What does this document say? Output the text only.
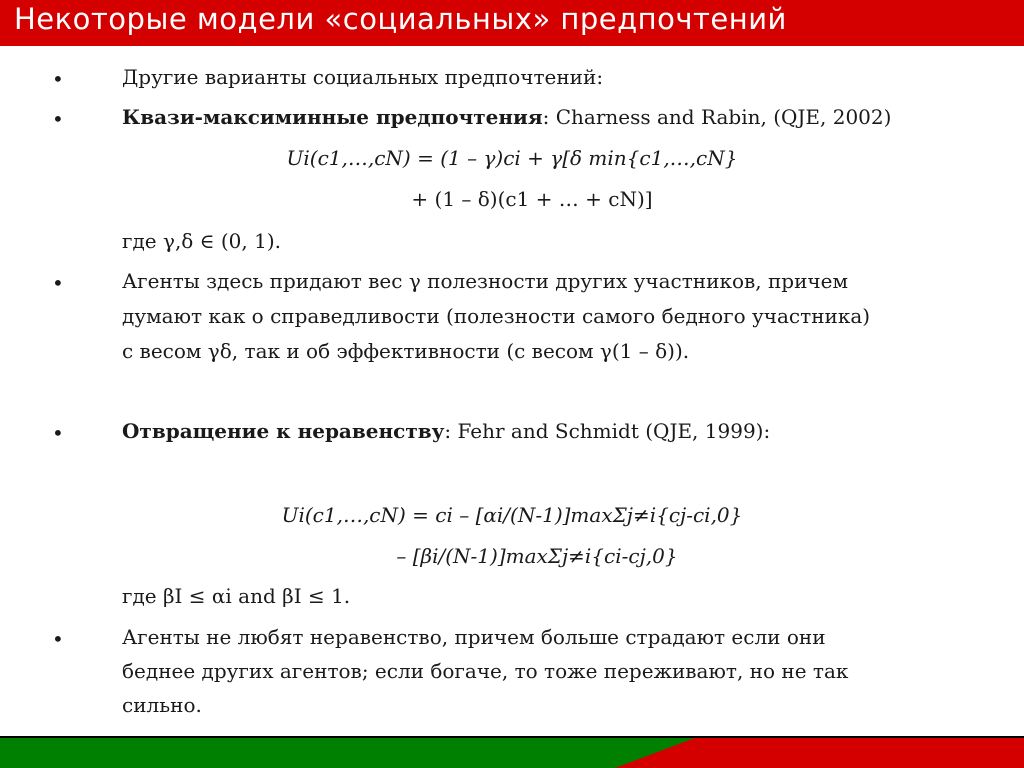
Некоторые модели «социальных» предпочтений
•	Другие варианты социальных предпочтений:
•	Квази-максиминные предпочтения: Charness and Rabin, (QJE, 2002)
Ui(c1,…,cN) = (1 – γ)ci + γ[δ min{c1,…,cN}
+ (1 – δ)(c1 + … + cN)]
где γ,δ ∈ (0, 1).
•	Агенты здесь придают вес γ полезности других участников, причем
думают как о справедливости (полезности самого бедного участника)
с весом γδ, так и об эффективности (с весом γ(1 – δ)).
•	Отвращение к неравенству: Fehr and Schmidt (QJE, 1999):
Ui(c1,…,cN) = ci – [αi/(N-1)]maxΣj≠i{cj-ci,0}
– [βi/(N-1)]maxΣj≠i{ci-cj,0}
где βI ≤ αi and βI ≤ 1.
•	Агенты не любят неравенство, причем больше страдают если они
беднее других агентов; если богаче, то тоже переживают, но не так
сильно.
